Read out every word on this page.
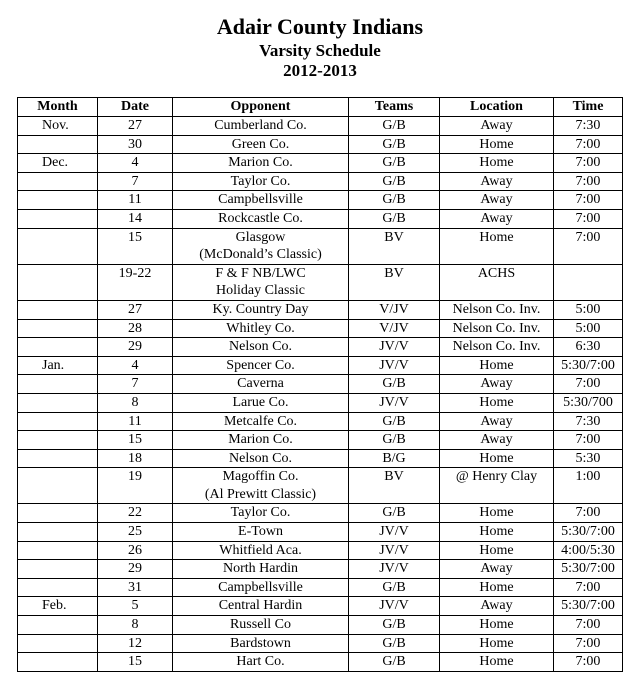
Adair County Indians
Varsity Schedule
2012-2013
Month	Date	Opponent	Teams	Location	Time
Nov.	27	Cumberland Co.	G/B	Away	7:30
	30	Green Co.	G/B	Home	7:00
Dec.	4	Marion Co.	G/B	Home	7:00
	7	Taylor Co.	G/B	Away	7:00
	11	Campbellsville	G/B	Away	7:00
	14	Rockcastle Co.	G/B	Away	7:00
	15	Glasgow
(McDonald’s Classic)	BV	Home	7:00
	19-22	F & F NB/LWC
Holiday Classic	BV	ACHS	
	27	Ky. Country Day	V/JV	Nelson Co. Inv.	5:00
	28	Whitley Co.	V/JV	Nelson Co. Inv.	5:00
	29	Nelson Co.	JV/V	Nelson Co. Inv.	6:30
Jan.	4	Spencer Co.	JV/V	Home	5:30/7:00
	7	Caverna	G/B	Away	7:00
	8	Larue Co.	JV/V	Home	5:30/700
	11	Metcalfe Co.	G/B	Away	7:30
	15	Marion Co.	G/B	Away	7:00
	18	Nelson Co.	B/G	Home	5:30
	19	Magoffin Co.
(Al Prewitt Classic)	BV	@ Henry Clay	1:00
	22	Taylor Co.	G/B	Home	7:00
	25	E-Town	JV/V	Home	5:30/7:00
	26	Whitfield Aca.	JV/V	Home	4:00/5:30
	29	North Hardin	JV/V	Away	5:30/7:00
	31	Campbellsville	G/B	Home	7:00
Feb.	5	Central Hardin	JV/V	Away	5:30/7:00
	8	Russell Co	G/B	Home	7:00
	12	Bardstown	G/B	Home	7:00
	15	Hart Co.	G/B	Home	7:00
